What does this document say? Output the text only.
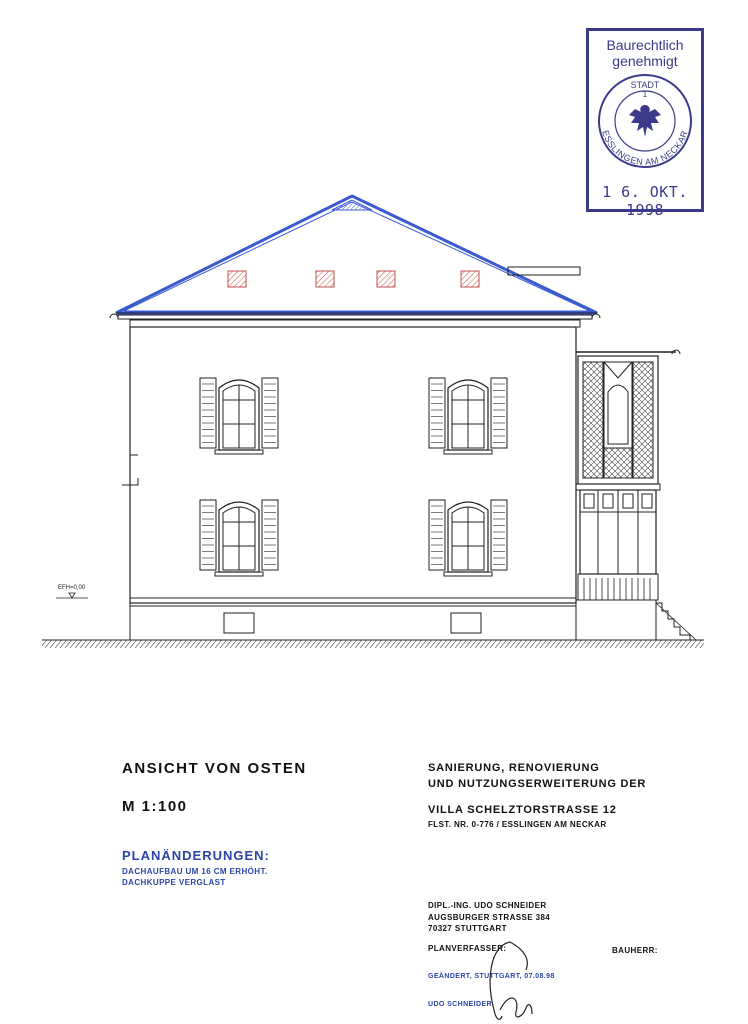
EFH=0,00
Baurechtlich
genehmigt
STADT
1
ESSLINGEN AM NECKAR
1 6. OKT. 1998
ANSICHT VON OSTEN
M 1:100
PLANÄNDERUNGEN:
DACHAUFBAU UM 16 CM ERHÖHT.
DACHKUPPE VERGLAST
SANIERUNG, RENOVIERUNG
UND NUTZUNGSERWEITERUNG DER
VILLA SCHELZTORSTRASSE 12
FLST. NR. 0-776 / ESSLINGEN AM NECKAR
DIPL.-ING. UDO SCHNEIDER
AUGSBURGER STRASSE 384
70327 STUTTGART
PLANVERFASSER:	BAUHERR:
GEÄNDERT, STUTTGART, 07.08.98
UDO SCHNEIDER
